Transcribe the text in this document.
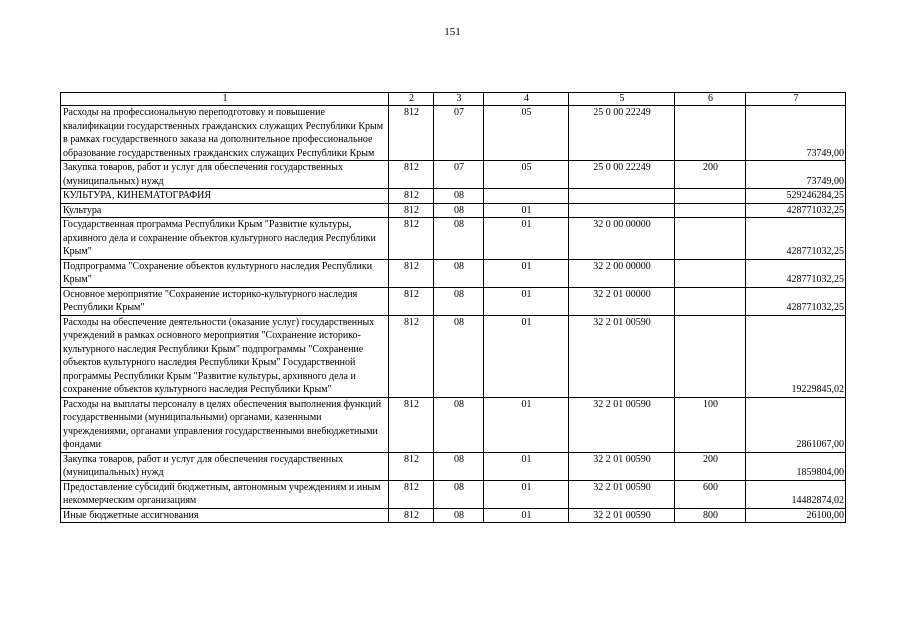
151
1	2	3	4	5	6	7
Расходы на профессиональную переподготовку и повышение квалификации государственных гражданских служащих Республики Крым в рамках государственного заказа на дополнительное профессиональное образование государственных гражданских служащих Республики Крым	812	07	05	25 0 00 22249		73749,00
Закупка товаров, работ и услуг для обеспечения государственных (муниципальных) нужд	812	07	05	25 0 00 22249	200	73749,00
КУЛЬТУРА, КИНЕМАТОГРАФИЯ	812	08				529246284,25
Культура	812	08	01			428771032,25
Государственная программа Республики Крым "Развитие культуры, архивного дела и сохранение объектов культурного наследия Республики Крым"	812	08	01	32 0 00 00000		428771032,25
Подпрограмма "Сохранение объектов культурного наследия Республики Крым"	812	08	01	32 2 00 00000		428771032,25
Основное мероприятие "Сохранение историко-культурного наследия Республики Крым"	812	08	01	32 2 01 00000		428771032,25
Расходы на обеспечение деятельности (оказание услуг) государственных учреждений в рамках основного мероприятия "Сохранение историко-культурного наследия Республики Крым" подпрограммы "Сохранение объектов культурного наследия Республики Крым" Государственной программы Республики Крым "Развитие культуры, архивного дела и сохранение объектов культурного наследия Республики Крым"	812	08	01	32 2 01 00590		19229845,02
Расходы на выплаты персоналу в целях обеспечения выполнения функций государственными (муниципальными) органами, казенными учреждениями, органами управления государственными внебюджетными фондами	812	08	01	32 2 01 00590	100	2861067,00
Закупка товаров, работ и услуг для обеспечения государственных (муниципальных) нужд	812	08	01	32 2 01 00590	200	1859804,00
Предоставление субсидий бюджетным, автономным учреждениям и иным некоммерческим организациям	812	08	01	32 2 01 00590	600	14482874,02
Иные бюджетные ассигнования	812	08	01	32 2 01 00590	800	26100,00
